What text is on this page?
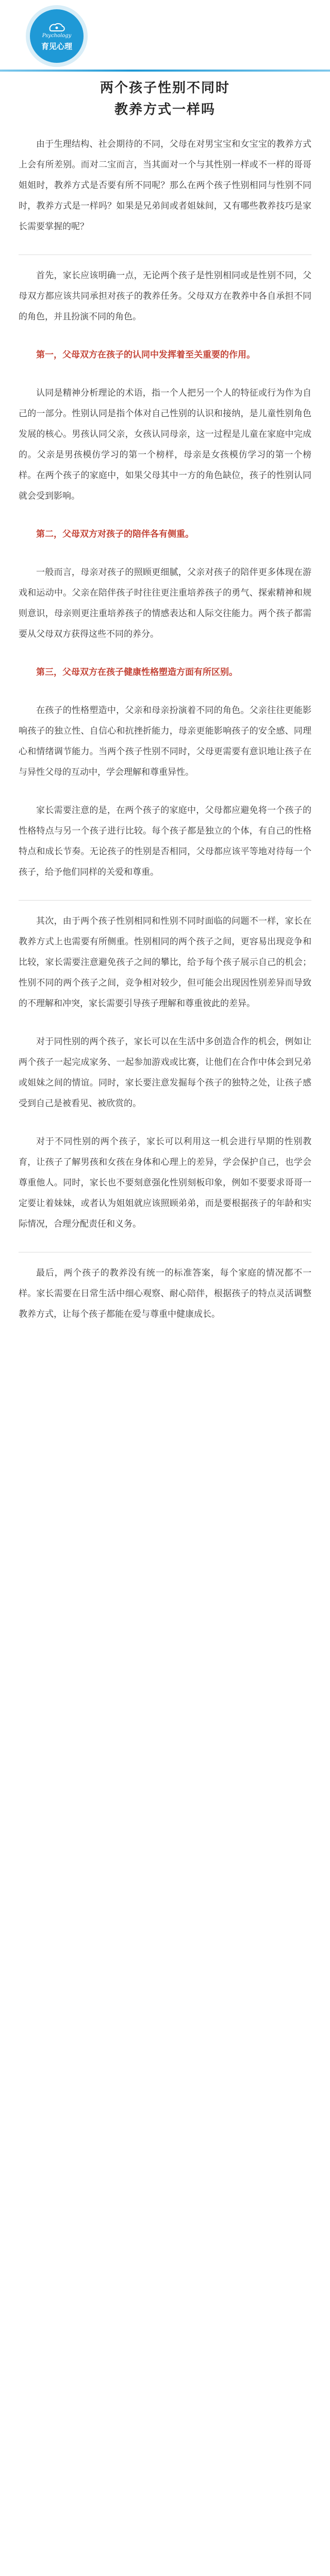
Psychology
育见心理
两个孩子性别不同时
教养方式一样吗

由于生理结构、社会期待的不同，父母在对男宝宝和女宝宝的教养方式上会有所差别。而对二宝而言，当其面对一个与其性别一样或不一样的哥哥姐姐时，教养方式是否要有所不同呢？那么在两个孩子性别相同与性别不同时，教养方式是一样吗？如果是兄弟间或者姐妹间，又有哪些教养技巧是家长需要掌握的呢？

首先，家长应该明确一点，无论两个孩子是性别相同或是性别不同，父母双方都应该共同承担对孩子的教养任务。父母双方在教养中各自承担不同的角色，并且扮演不同的角色。

第一，父母双方在孩子的认同中发挥着至关重要的作用。

认同是精神分析理论的术语，指一个人把另一个人的特征或行为作为自己的一部分。性别认同是指个体对自己性别的认识和接纳，是儿童性别角色发展的核心。男孩认同父亲，女孩认同母亲，这一过程是儿童在家庭中完成的。父亲是男孩模仿学习的第一个榜样，母亲是女孩模仿学习的第一个榜样。在两个孩子的家庭中，如果父母其中一方的角色缺位，孩子的性别认同就会受到影响。

第二，父母双方对孩子的陪伴各有侧重。

一般而言，母亲对孩子的照顾更细腻，父亲对孩子的陪伴更多体现在游戏和运动中。父亲在陪伴孩子时往往更注重培养孩子的勇气、探索精神和规则意识，母亲则更注重培养孩子的情感表达和人际交往能力。两个孩子都需要从父母双方获得这些不同的养分。

第三，父母双方在孩子健康性格塑造方面有所区别。

在孩子的性格塑造中，父亲和母亲扮演着不同的角色。父亲往往更能影响孩子的独立性、自信心和抗挫折能力，母亲更能影响孩子的安全感、同理心和情绪调节能力。当两个孩子性别不同时，父母更需要有意识地让孩子在与异性父母的互动中，学会理解和尊重异性。

家长需要注意的是，在两个孩子的家庭中，父母都应避免将一个孩子的性格特点与另一个孩子进行比较。每个孩子都是独立的个体，有自己的性格特点和成长节奏。无论孩子的性别是否相同，父母都应该平等地对待每一个孩子，给予他们同样的关爱和尊重。

其次，由于两个孩子性别相同和性别不同时面临的问题不一样，家长在教养方式上也需要有所侧重。性别相同的两个孩子之间，更容易出现竞争和比较，家长需要注意避免孩子之间的攀比，给予每个孩子展示自己的机会；性别不同的两个孩子之间，竞争相对较少，但可能会出现因性别差异而导致的不理解和冲突，家长需要引导孩子理解和尊重彼此的差异。

对于同性别的两个孩子，家长可以在生活中多创造合作的机会，例如让两个孩子一起完成家务、一起参加游戏或比赛，让他们在合作中体会到兄弟或姐妹之间的情谊。同时，家长要注意发掘每个孩子的独特之处，让孩子感受到自己是被看见、被欣赏的。

对于不同性别的两个孩子，家长可以利用这一机会进行早期的性别教育，让孩子了解男孩和女孩在身体和心理上的差异，学会保护自己，也学会尊重他人。同时，家长也不要刻意强化性别刻板印象，例如不要要求哥哥一定要让着妹妹，或者认为姐姐就应该照顾弟弟，而是要根据孩子的年龄和实际情况，合理分配责任和义务。

最后，两个孩子的教养没有统一的标准答案，每个家庭的情况都不一样。家长需要在日常生活中细心观察、耐心陪伴，根据孩子的特点灵活调整教养方式，让每个孩子都能在爱与尊重中健康成长。
